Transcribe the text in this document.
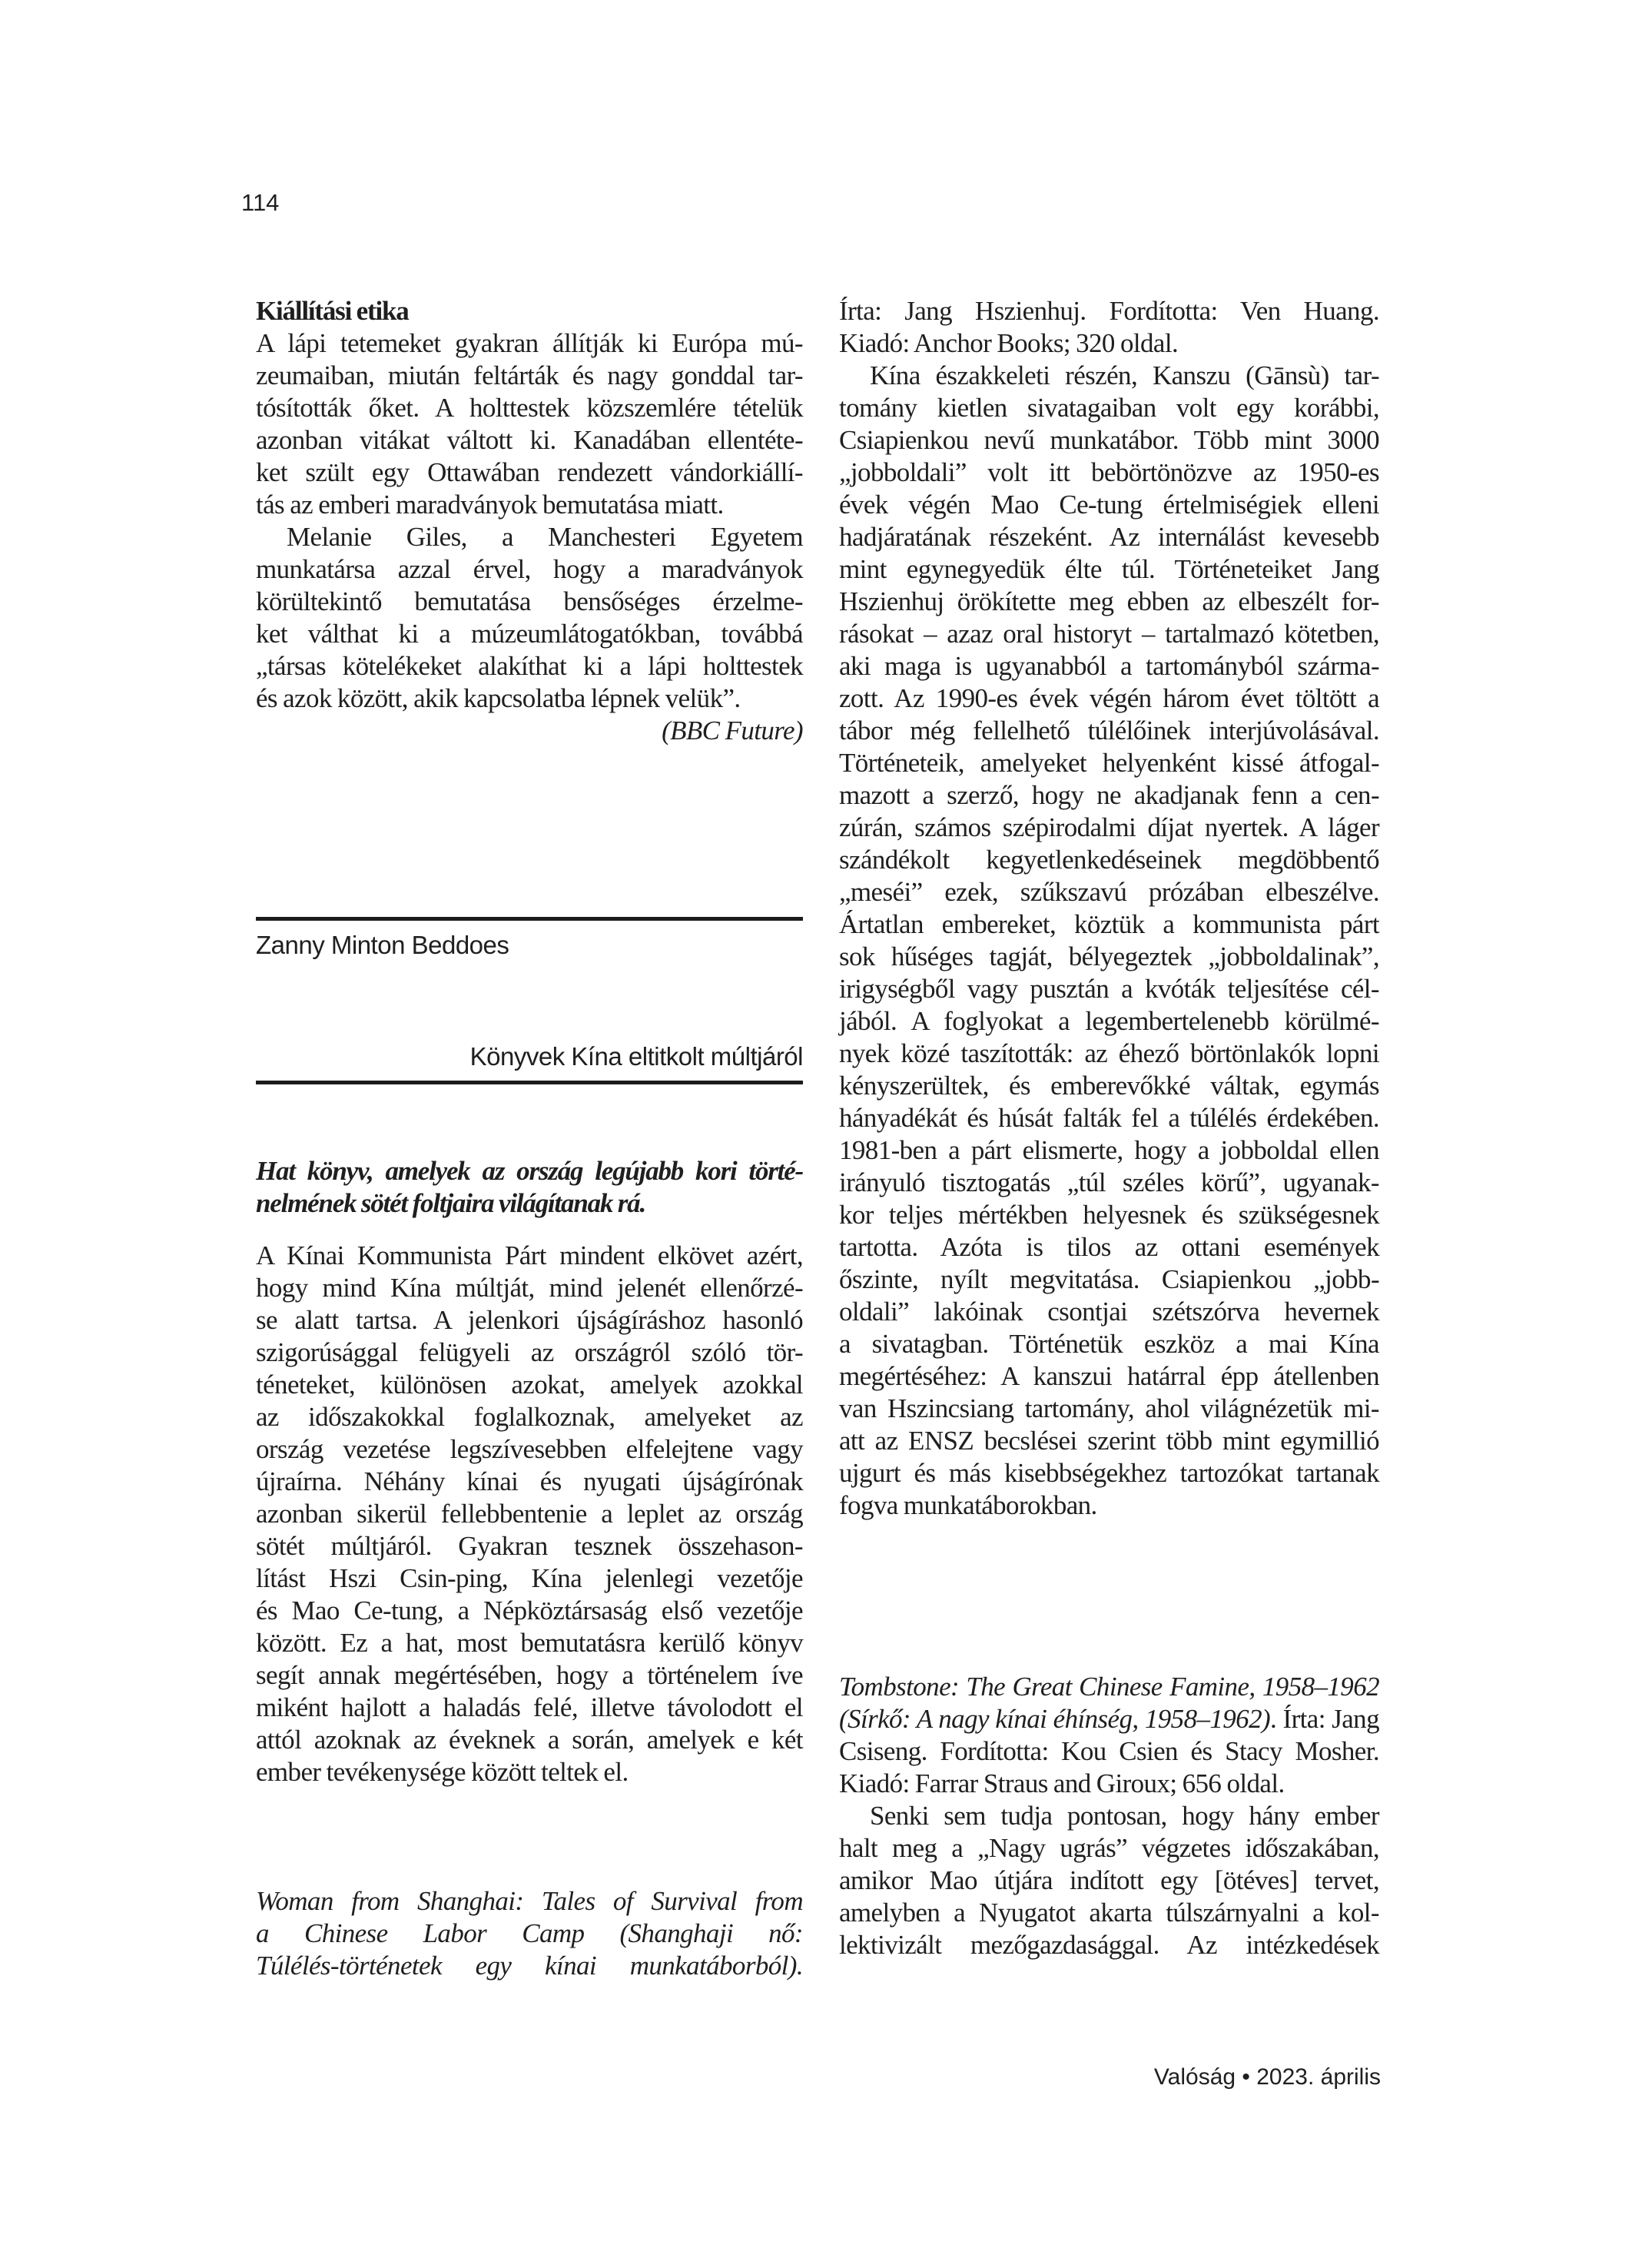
114
Kiállítási etika
A lápi tetemeket gyakran állítják ki Európa mú-
zeumaiban, miután feltárták és nagy gonddal tar-
tósították őket. A holttestek közszemlére tételük
azonban vitákat váltott ki. Kanadában ellentéte-
ket szült egy Ottawában rendezett vándorkiállí-
tás az emberi maradványok bemutatása miatt.
Melanie Giles, a Manchesteri Egyetem
munkatársa azzal érvel, hogy a maradványok
körültekintő bemutatása bensőséges érzelme-
ket válthat ki a múzeumlátogatókban, továbbá
„társas kötelékeket alakíthat ki a lápi holttestek
és azok között, akik kapcsolatba lépnek velük”.
(BBC Future)
Zanny Minton Beddoes
Könyvek Kína eltitkolt múltjáról
Hat könyv, amelyek az ország legújabb kori törté-
nelmének sötét foltjaira világítanak rá.
A Kínai Kommunista Párt mindent elkövet azért,
hogy mind Kína múltját, mind jelenét ellenőrzé-
se alatt tartsa. A jelenkori újságíráshoz hasonló
szigorúsággal felügyeli az országról szóló tör-
téneteket, különösen azokat, amelyek azokkal
az időszakokkal foglalkoznak, amelyeket az
ország vezetése legszívesebben elfelejtene vagy
újraírna. Néhány kínai és nyugati újságírónak
azonban sikerül fellebbentenie a leplet az ország
sötét múltjáról. Gyakran tesznek összehason-
lítást Hszi Csin-ping, Kína jelenlegi vezetője
és Mao Ce-tung, a Népköztársaság első vezetője
között. Ez a hat, most bemutatásra kerülő könyv
segít annak megértésében, hogy a történelem íve
miként hajlott a haladás felé, illetve távolodott el
attól azoknak az éveknek a során, amelyek e két
ember tevékenysége között teltek el.
Woman from Shanghai: Tales of Survival from
a Chinese Labor Camp (Shanghaji nő:
Túlélés-történetek egy kínai munkatáborból).
Írta: Jang Hszienhuj. Fordította: Ven Huang.
Kiadó: Anchor Books; 320 oldal.
Kína északkeleti részén, Kanszu (Gānsù) tar-
tomány kietlen sivatagaiban volt egy korábbi,
Csiapienkou nevű munkatábor. Több mint 3000
„jobboldali” volt itt bebörtönözve az 1950-es
évek végén Mao Ce-tung értelmiségiek elleni
hadjáratának részeként. Az internálást kevesebb
mint egynegyedük élte túl. Történeteiket Jang
Hszienhuj örökítette meg ebben az elbeszélt for-
rásokat – azaz oral historyt – tartalmazó kötetben,
aki maga is ugyanabból a tartományból szárma-
zott. Az 1990-es évek végén három évet töltött a
tábor még fellelhető túlélőinek interjúvolásával.
Történeteik, amelyeket helyenként kissé átfogal-
mazott a szerző, hogy ne akadjanak fenn a cen-
zúrán, számos szépirodalmi díjat nyertek. A láger
szándékolt kegyetlenkedéseinek megdöbbentő
„meséi” ezek, szűkszavú prózában elbeszélve.
Ártatlan embereket, köztük a kommunista párt
sok hűséges tagját, bélyegeztek „jobboldalinak”,
irigységből vagy pusztán a kvóták teljesítése cél-
jából. A foglyokat a legembertelenebb körülmé-
nyek közé taszították: az éhező börtönlakók lopni
kényszerültek, és emberevőkké váltak, egymás
hányadékát és húsát falták fel a túlélés érdekében.
1981-ben a párt elismerte, hogy a jobboldal ellen
irányuló tisztogatás „túl széles körű”, ugyanak-
kor teljes mértékben helyesnek és szükségesnek
tartotta. Azóta is tilos az ottani események
őszinte, nyílt megvitatása. Csiapienkou „jobb-
oldali” lakóinak csontjai szétszórva hevernek
a sivatagban. Történetük eszköz a mai Kína
megértéséhez: A kanszui határral épp átellenben
van Hszincsiang tartomány, ahol világnézetük mi-
att az ENSZ becslései szerint több mint egymillió
ujgurt és más kisebbségekhez tartozókat tartanak
fogva munkatáborokban.
Tombstone: The Great Chinese Famine, 1958–1962
(Sírkő: A nagy kínai éhínség, 1958–1962). Írta: Jang
Csiseng. Fordította: Kou Csien és Stacy Mosher.
Kiadó: Farrar Straus and Giroux; 656 oldal.
Senki sem tudja pontosan, hogy hány ember
halt meg a „Nagy ugrás” végzetes időszakában,
amikor Mao útjára indított egy [ötéves] tervet,
amelyben a Nyugatot akarta túlszárnyalni a kol-
lektivizált mezőgazdasággal. Az intézkedések
Valóság • 2023. április
